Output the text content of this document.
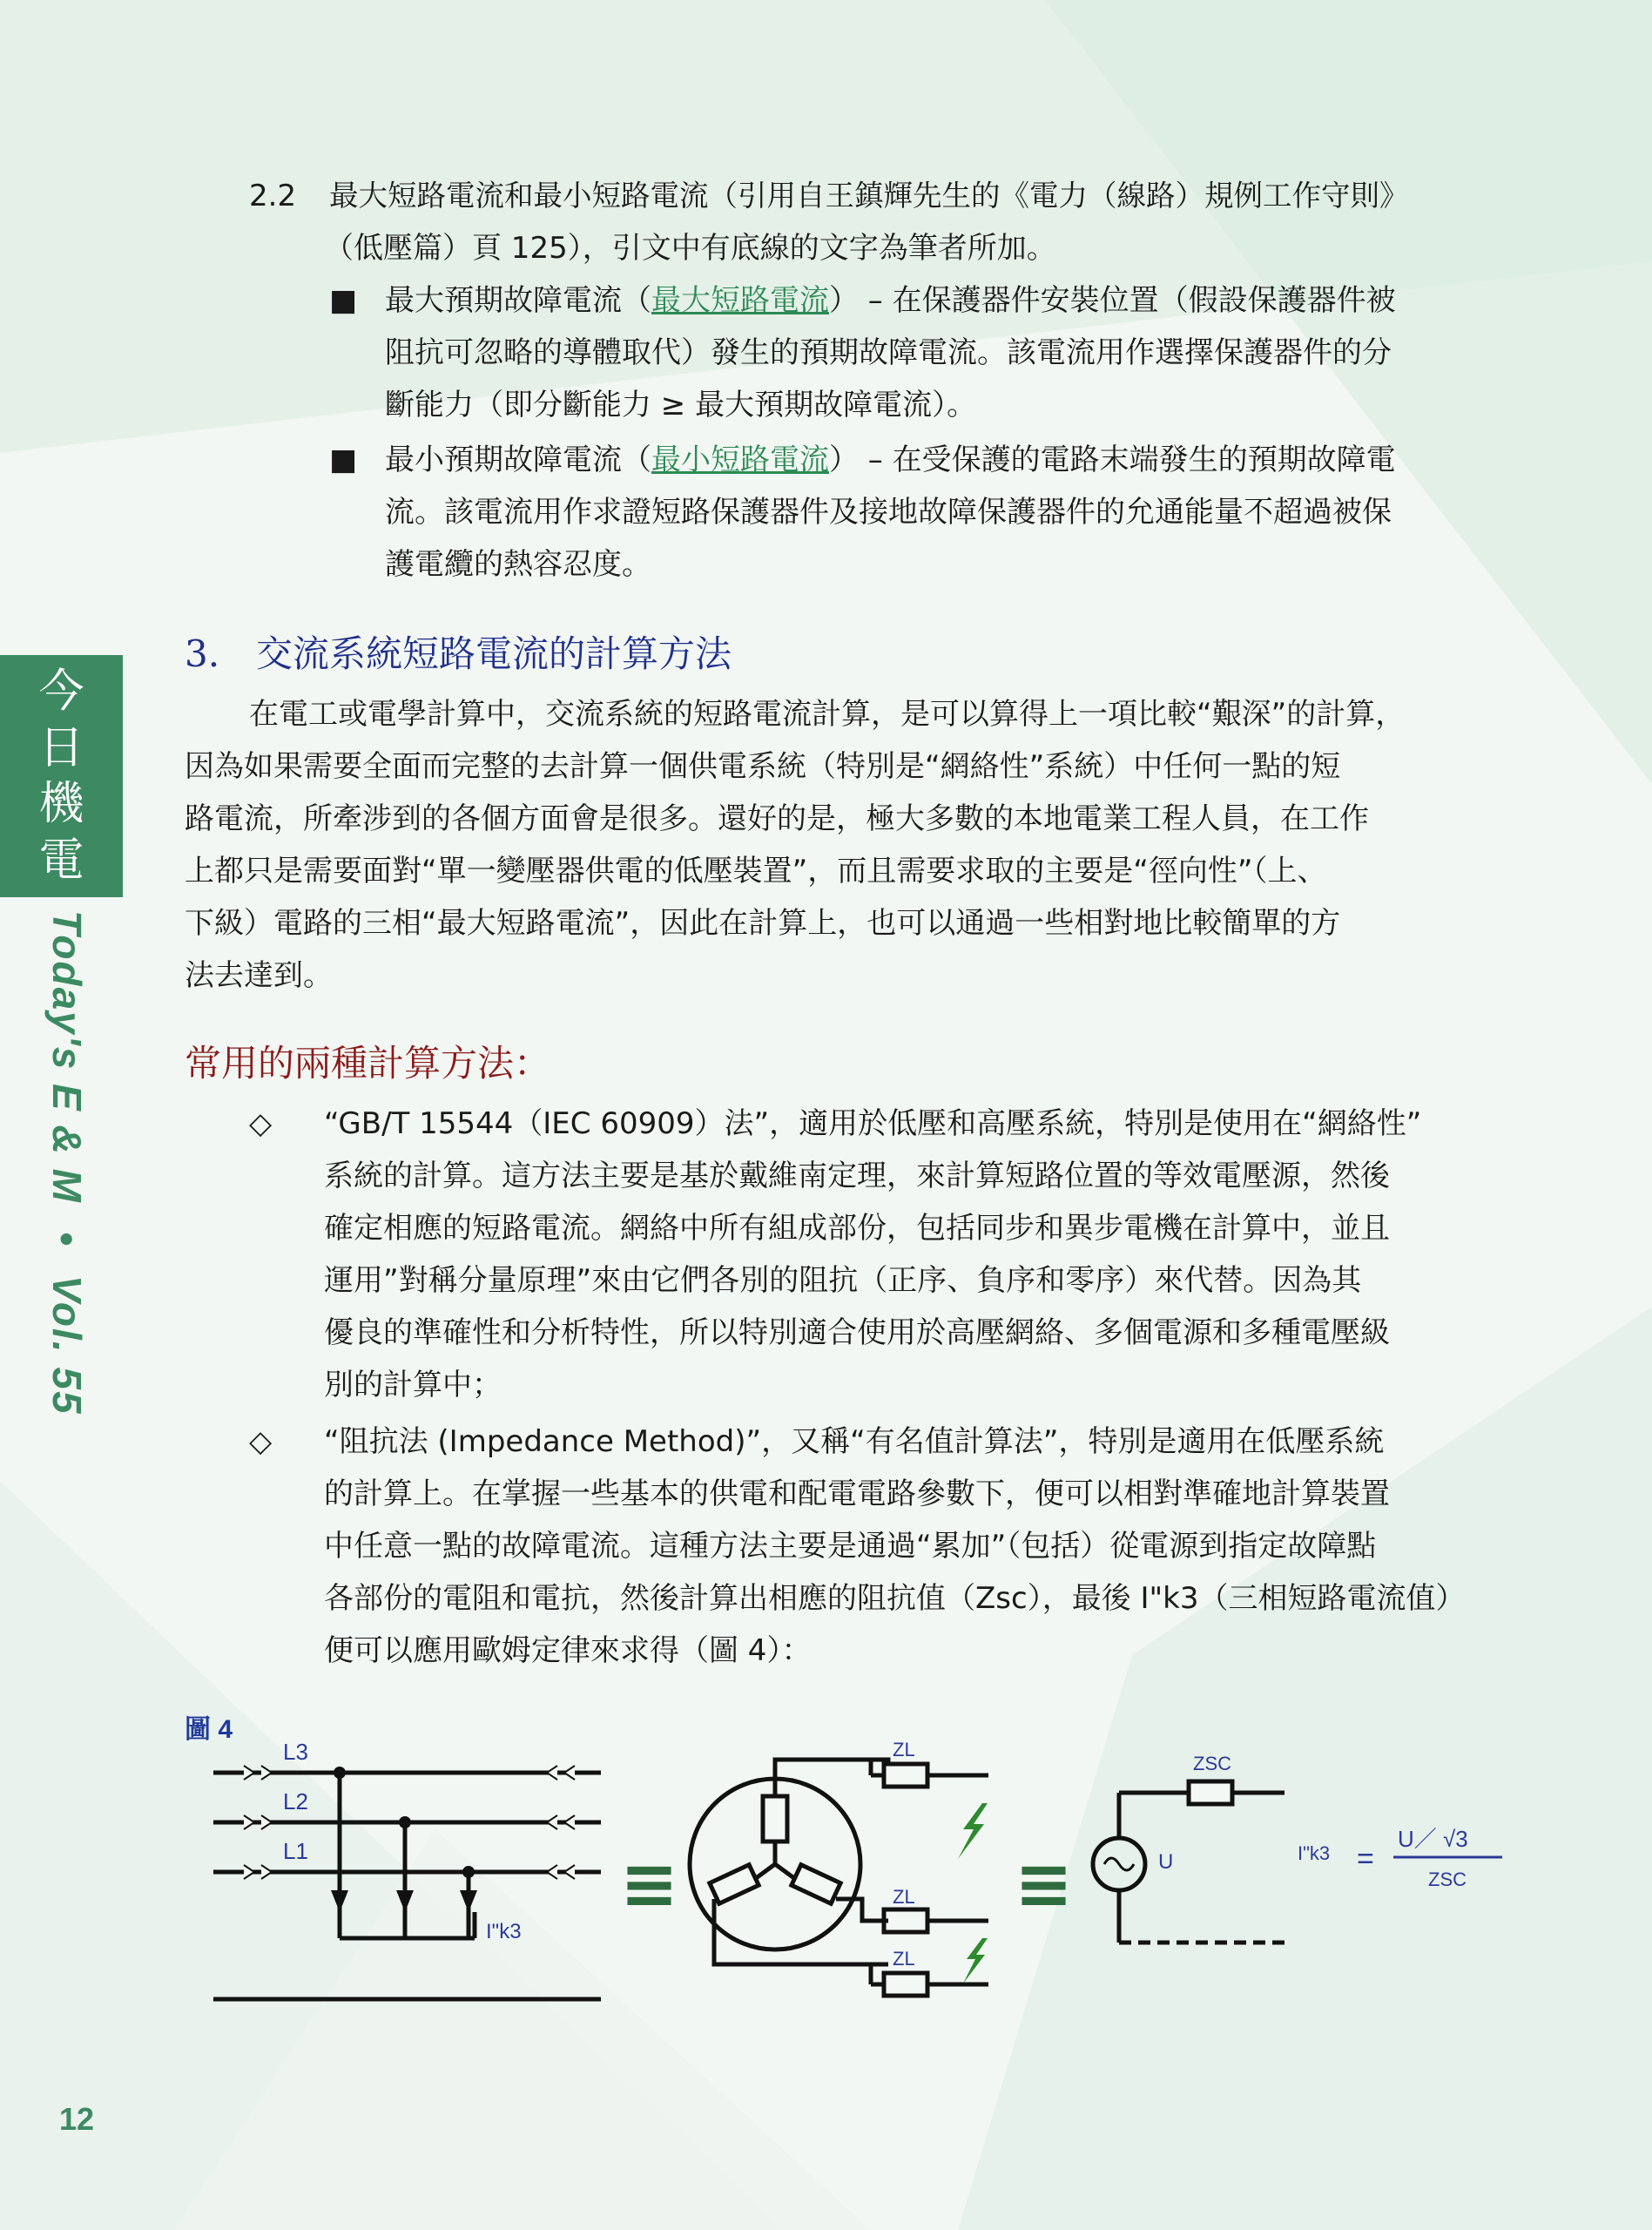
今
日
機
電
Today's E & M•Vol. 55
2.2 最大短路電流和最小短路電流（引用自王鎮輝先生的《電力（線路）規例工作守則》
（低壓篇）頁 125），引文中有底線的文字為筆者所加。
■ 最大預期故障電流（最大短路電流） – 在保護器件安裝位置（假設保護器件被
阻抗可忽略的導體取代）發生的預期故障電流。該電流用作選擇保護器件的分
斷能力（即分斷能力 ≥ 最大預期故障電流）。
■ 最小預期故障電流（最小短路電流） – 在受保護的電路末端發生的預期故障電
流。該電流用作求證短路保護器件及接地故障保護器件的允通能量不超過被保
護電纜的熱容忍度。
3. 交流系統短路電流的計算方法
在電工或電學計算中，交流系統的短路電流計算，是可以算得上一項比較“艱深”的計算，
因為如果需要全面而完整的去計算一個供電系統（特別是“網絡性”系統）中任何一點的短
路電流，所牽涉到的各個方面會是很多。還好的是，極大多數的本地電業工程人員，在工作
上都只是需要面對“單一變壓器供電的低壓裝置”，而且需要求取的主要是“徑向性”（上、
下級）電路的三相“最大短路電流”，因此在計算上，也可以通過一些相對地比較簡單的方
法去達到。
常用的兩種計算方法：
◇ “GB/T 15544（IEC 60909）法”，適用於低壓和高壓系統，特別是使用在“網絡性”
系統的計算。這方法主要是基於戴維南定理，來計算短路位置的等效電壓源，然後
確定相應的短路電流。網絡中所有組成部份，包括同步和異步電機在計算中，並且
運用”對稱分量原理”來由它們各別的阻抗（正序、負序和零序）來代替。因為其
優良的準確性和分析特性，所以特別適合使用於高壓網絡、多個電源和多種電壓級
別的計算中；
◇ “阻抗法 (Impedance Method)”，又稱“有名值計算法”，特別是適用在低壓系統
的計算上。在掌握一些基本的供電和配電電路參數下，便可以相對準確地計算裝置
中任意一點的故障電流。這種方法主要是通過“累加”（包括）從電源到指定故障點
各部份的電阻和電抗，然後計算出相應的阻抗值（Zsc），最後 I"k3（三相短路電流值）
便可以應用歐姆定律來求得（圖 4）：
圖 4
L3
L2
L1
I"k3
≡
ZL
ZL
ZL
≡
ZSC
U	I"k3 =
U／ √3
ZSC
12
